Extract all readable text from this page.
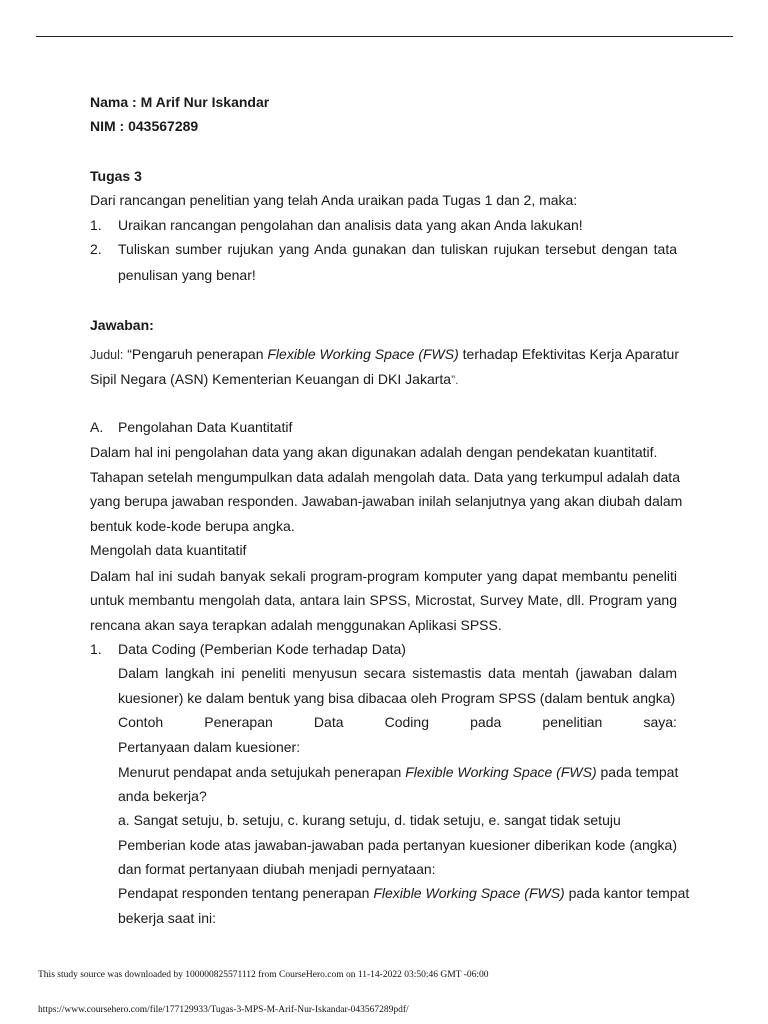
Nama : M Arif Nur Iskandar
NIM : 043567289
Tugas 3
Dari rancangan penelitian yang telah Anda uraikan pada Tugas 1 dan 2, maka:
1. Uraikan rancangan pengolahan dan analisis data yang akan Anda lakukan!
2. Tuliskan sumber rujukan yang Anda gunakan dan tuliskan rujukan tersebut dengan tata
penulisan yang benar!
Jawaban:
Judul: “Pengaruh penerapan Flexible Working Space (FWS) terhadap Efektivitas Kerja Aparatur
Sipil Negara (ASN) Kementerian Keuangan di DKI Jakarta”.
A. Pengolahan Data Kuantitatif
Dalam hal ini pengolahan data yang akan digunakan adalah dengan pendekatan kuantitatif.
Tahapan setelah mengumpulkan data adalah mengolah data. Data yang terkumpul adalah data
yang berupa jawaban responden. Jawaban-jawaban inilah selanjutnya yang akan diubah dalam
bentuk kode-kode berupa angka.
Mengolah data kuantitatif
Dalam hal ini sudah banyak sekali program-program komputer yang dapat membantu peneliti
untuk membantu mengolah data, antara lain SPSS, Microstat, Survey Mate, dll. Program yang
rencana akan saya terapkan adalah menggunakan Aplikasi SPSS.
1. Data Coding (Pemberian Kode terhadap Data)
Dalam langkah ini peneliti menyusun secara sistemastis data mentah (jawaban dalam
kuesioner) ke dalam bentuk yang bisa dibacaa oleh Program SPSS (dalam bentuk angka)
Contoh	Penerapan	Data	Coding	pada	penelitian	saya:
Pertanyaan dalam kuesioner:
Menurut pendapat anda setujukah penerapan Flexible Working Space (FWS) pada tempat
anda bekerja?
a. Sangat setuju, b. setuju, c. kurang setuju, d. tidak setuju, e. sangat tidak setuju
Pemberian kode atas jawaban-jawaban pada pertanyan kuesioner diberikan kode (angka)
dan format pertanyaan diubah menjadi pernyataan:
Pendapat responden tentang penerapan Flexible Working Space (FWS) pada kantor tempat
bekerja saat ini:
This study source was downloaded by 100000825571112 from CourseHero.com on 11-14-2022 03:50:46 GMT -06:00
https://www.coursehero.com/file/177129933/Tugas-3-MPS-M-Arif-Nur-Iskandar-043567289pdf/
